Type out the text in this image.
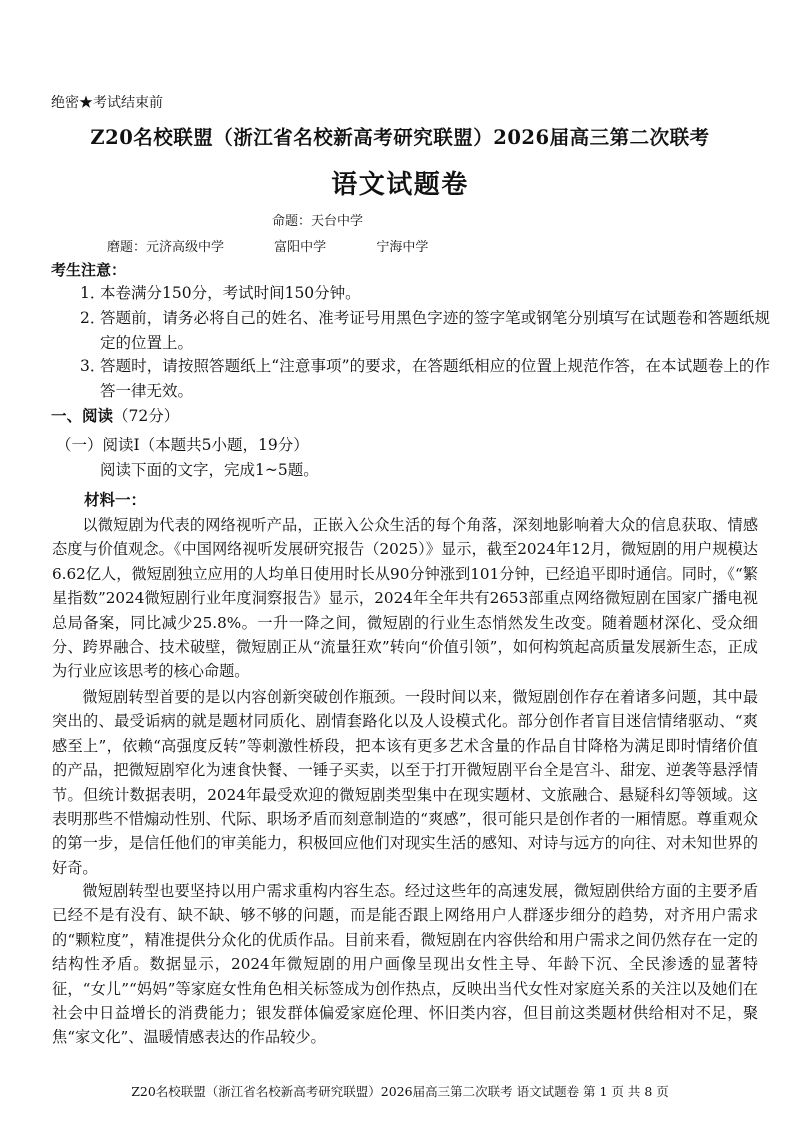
绝密★考试结束前
Z20名校联盟（浙江省名校新高考研究联盟）2026届高三第二次联考
语文试题卷
命题：天台中学
磨题：元济高级中学	富阳中学	宁海中学
考生注意：
1．
本卷满分150分，考试时间150分钟。
2．
答题前，请务必将自己的姓名、准考证号用黑色字迹的签字笔或钢笔分别填写在试题卷和答题纸规定的位置上。
3．
答题时，请按照答题纸上“注意事项”的要求，在答题纸相应的位置上规范作答，在本试题卷上的作答一律无效。
一、阅读（72分）
（一）阅读Ⅰ（本题共5小题，19分）
阅读下面的文字，完成1~5题。
材料一：
以微短剧为代表的网络视听产品，正嵌入公众生活的每个角落，深刻地影响着大众的信息获取、情感态度与价值观念。《中国网络视听发展研究报告（2025）》显示，截至2024年12月，微短剧的用户规模达6.62亿人，微短剧独立应用的人均单日使用时长从90分钟涨到101分钟，已经追平即时通信。同时，《“繁星指数”2024微短剧行业年度洞察报告》显示，2024年全年共有2653部重点网络微短剧在国家广播电视总局备案，同比减少25.8%。一升一降之间，微短剧的行业生态悄然发生改变。随着题材深化、受众细分、跨界融合、技术破壁，微短剧正从“流量狂欢”转向“价值引领”，如何构筑起高质量发展新生态，正成为行业应该思考的核心命题。
微短剧转型首要的是以内容创新突破创作瓶颈。一段时间以来，微短剧创作存在着诸多问题，其中最突出的、最受诟病的就是题材同质化、剧情套路化以及人设模式化。部分创作者盲目迷信情绪驱动、“爽感至上”，依赖“高强度反转”等刺激性桥段，把本该有更多艺术含量的作品自甘降格为满足即时情绪价值的产品，把微短剧窄化为速食快餐、一锤子买卖，以至于打开微短剧平台全是宫斗、甜宠、逆袭等悬浮情节。但统计数据表明，2024年最受欢迎的微短剧类型集中在现实题材、文旅融合、悬疑科幻等领域。这表明那些不惜煽动性别、代际、职场矛盾而刻意制造的“爽感”，很可能只是创作者的一厢情愿。尊重观众的第一步，是信任他们的审美能力，积极回应他们对现实生活的感知、对诗与远方的向往、对未知世界的好奇。
微短剧转型也要坚持以用户需求重构内容生态。经过这些年的高速发展，微短剧供给方面的主要矛盾已经不是有没有、缺不缺、够不够的问题，而是能否跟上网络用户人群逐步细分的趋势，对齐用户需求的“颗粒度”，精准提供分众化的优质作品。目前来看，微短剧在内容供给和用户需求之间仍然存在一定的结构性矛盾。数据显示，2024年微短剧的用户画像呈现出女性主导、年龄下沉、全民渗透的显著特征，“女儿”“妈妈”等家庭女性角色相关标签成为创作热点，反映出当代女性对家庭关系的关注以及她们在社会中日益增长的消费能力；银发群体偏爱家庭伦理、怀旧类内容，但目前这类题材供给相对不足，聚焦“家文化”、温暖情感表达的作品较少。
Z20名校联盟（浙江省名校新高考研究联盟）2026届高三第二次联考 语文试题卷 第 1 页 共 8 页
